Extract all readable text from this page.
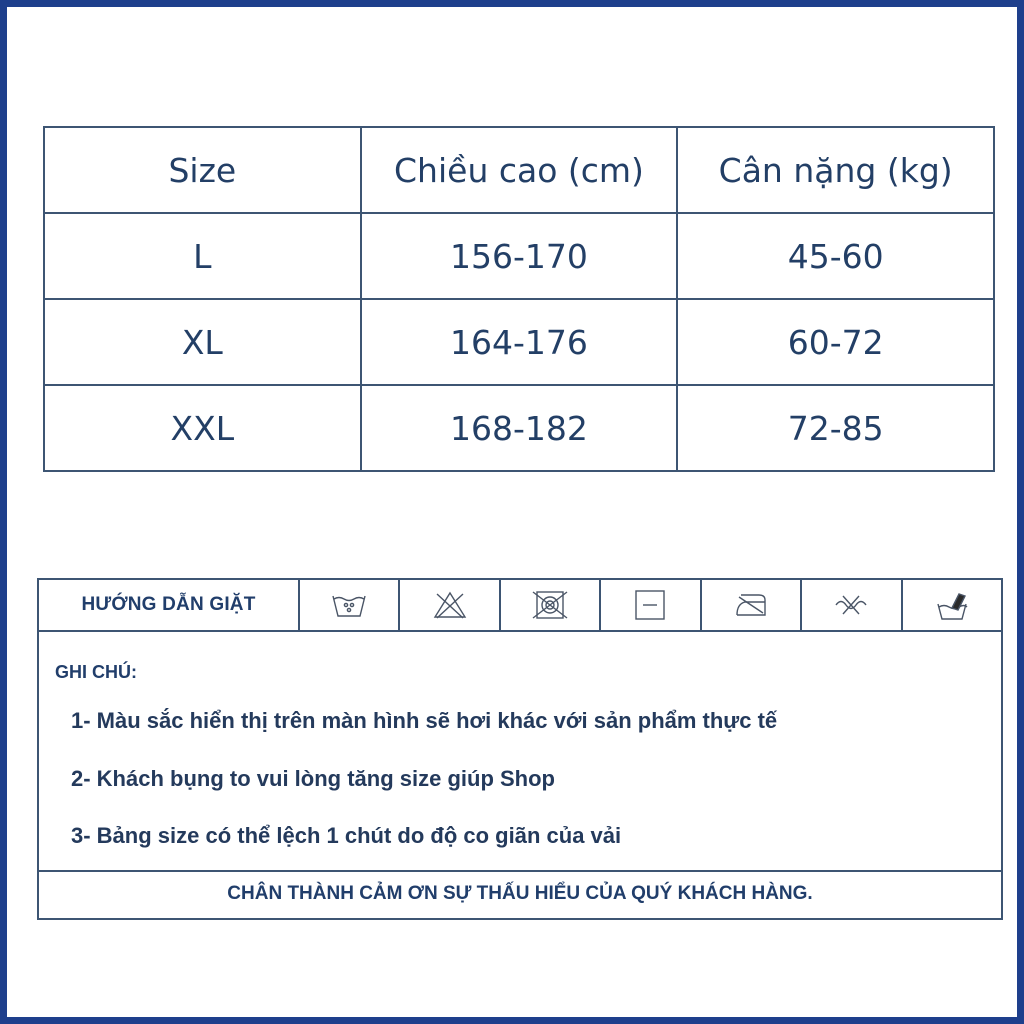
Size	Chiều cao (cm)	Cân nặng (kg)
L	156-170	45-60
XL	164-176	60-72
XXL	168-182	72-85
HƯỚNG DẪN GIẶT
GHI CHÚ:
1- Màu sắc hiển thị trên màn hình sẽ hơi khác với sản phẩm thực tế
2- Khách bụng to vui lòng tăng size giúp Shop
3- Bảng size có thể lệch 1 chút do độ co giãn của vải
CHÂN THÀNH CẢM ƠN SỰ THẤU HIỂU CỦA QUÝ KHÁCH HÀNG.
